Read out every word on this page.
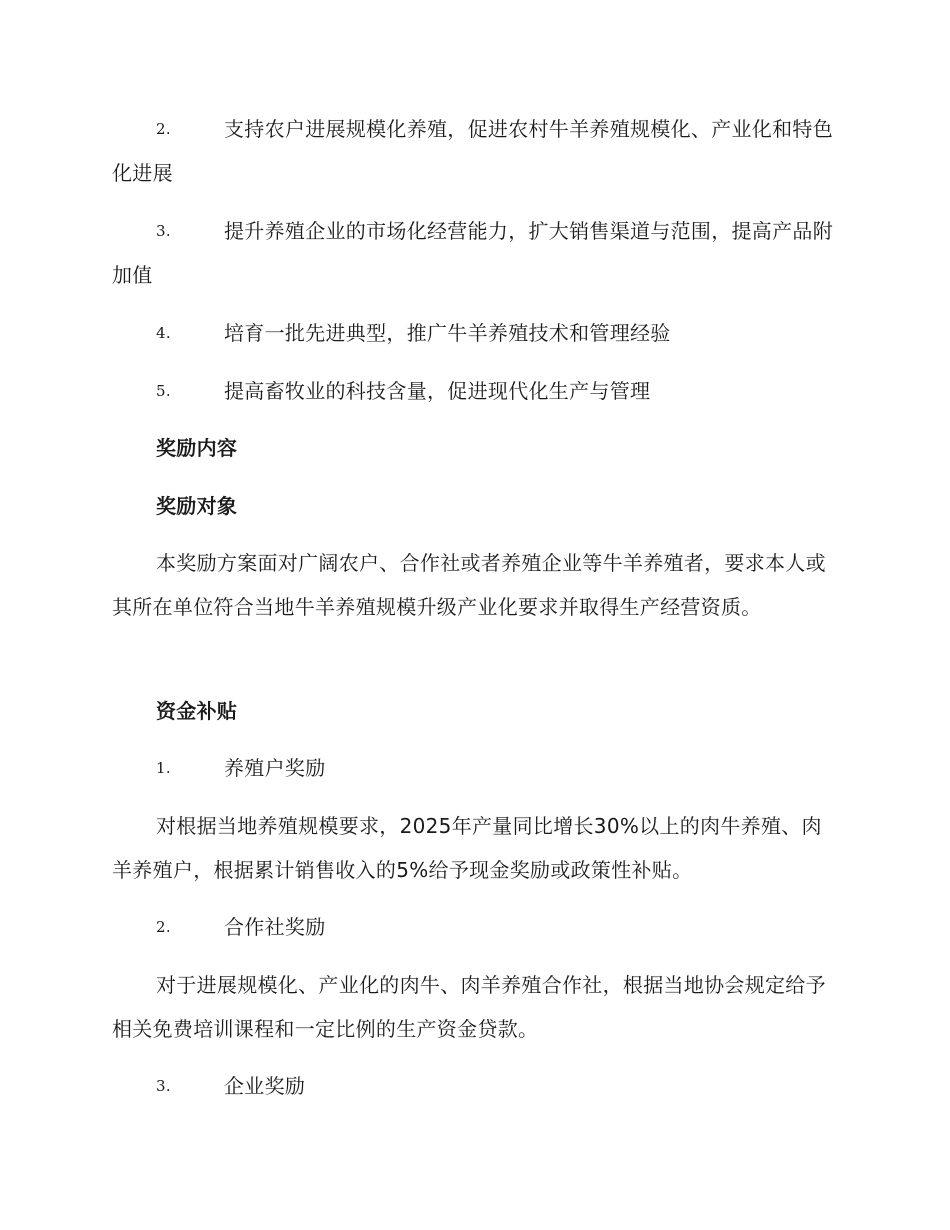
2.	支持农户进展规模化养殖，促进农村牛羊养殖规模化、产业化和特色化进展
3.	提升养殖企业的市场化经营能力，扩大销售渠道与范围，提高产品附加值
4.	培育一批先进典型，推广牛羊养殖技术和管理经验
5.	提高畜牧业的科技含量，促进现代化生产与管理
奖励内容
奖励对象
本奖励方案面对广阔农户、合作社或者养殖企业等牛羊养殖者，要求本人或其所在单位符合当地牛羊养殖规模升级产业化要求并取得生产经营资质。
资金补贴
1.	养殖户奖励
对根据当地养殖规模要求，2025年产量同比增长30%以上的肉牛养殖、肉羊养殖户，根据累计销售收入的5%给予现金奖励或政策性补贴。
2.	合作社奖励
对于进展规模化、产业化的肉牛、肉羊养殖合作社，根据当地协会规定给予相关免费培训课程和一定比例的生产资金贷款。
3.	企业奖励
